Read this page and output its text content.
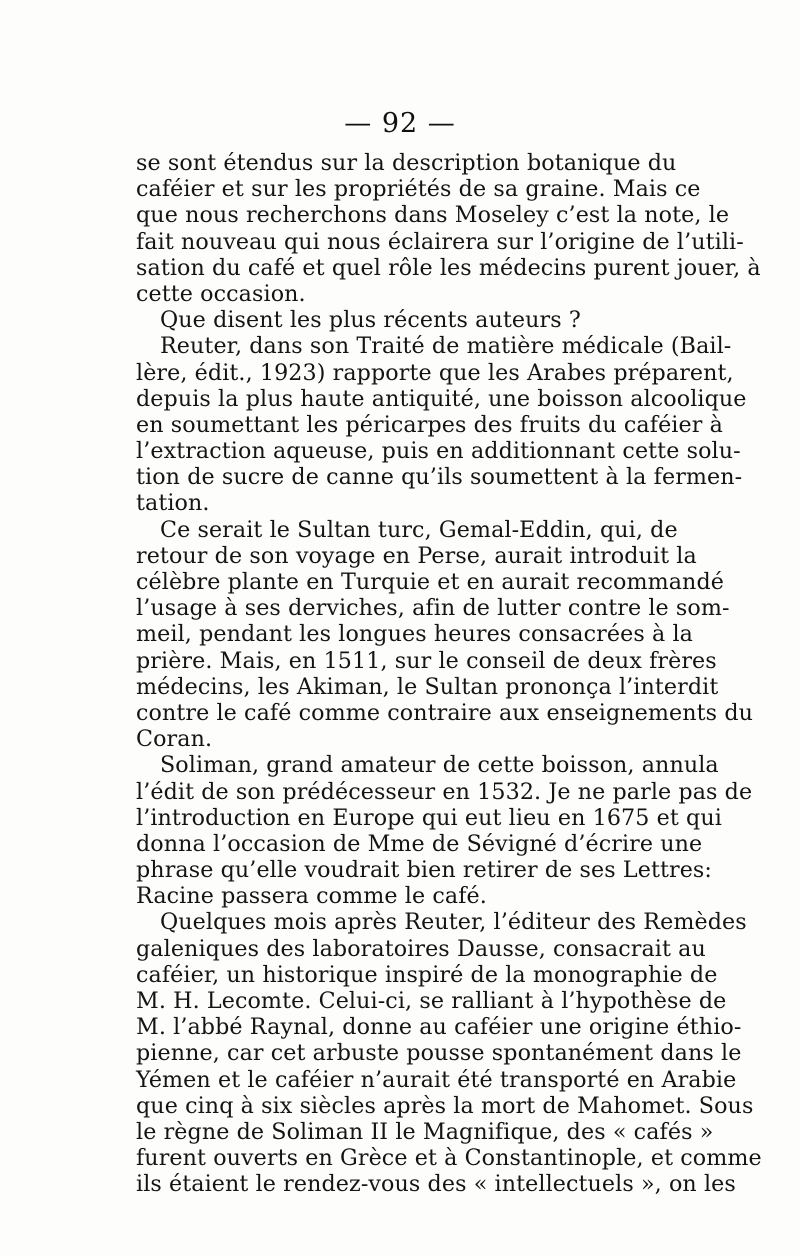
— 92 —
se sont étendus sur la description botanique du
caféier et sur les propriétés de sa graine. Mais ce
que nous recherchons dans Moseley c’est la note, le
fait nouveau qui nous éclairera sur l’origine de l’utili-
sation du café et quel rôle les médecins purent jouer, à
cette occasion.
Que disent les plus récents auteurs ?
Reuter, dans son Traité de matière médicale (Bail-
lère, édit., 1923) rapporte que les Arabes préparent,
depuis la plus haute antiquité, une boisson alcoolique
en soumettant les péricarpes des fruits du caféier à
l’extraction aqueuse, puis en additionnant cette solu-
tion de sucre de canne qu’ils soumettent à la fermen-
tation.
Ce serait le Sultan turc, Gemal-Eddin, qui, de
retour de son voyage en Perse, aurait introduit la
célèbre plante en Turquie et en aurait recommandé
l’usage à ses derviches, afin de lutter contre le som-
meil, pendant les longues heures consacrées à la
prière. Mais, en 1511, sur le conseil de deux frères
médecins, les Akiman, le Sultan prononça l’interdit
contre le café comme contraire aux enseignements du
Coran.
Soliman, grand amateur de cette boisson, annula
l’édit de son prédécesseur en 1532. Je ne parle pas de
l’introduction en Europe qui eut lieu en 1675 et qui
donna l’occasion de Mme de Sévigné d’écrire une
phrase qu’elle voudrait bien retirer de ses Lettres:
Racine passera comme le café.
Quelques mois après Reuter, l’éditeur des Remèdes
galeniques des laboratoires Dausse, consacrait au
caféier, un historique inspiré de la monographie de
M. H. Lecomte. Celui-ci, se ralliant à l’hypothèse de
M. l’abbé Raynal, donne au caféier une origine éthio-
pienne, car cet arbuste pousse spontanément dans le
Yémen et le caféier n’aurait été transporté en Arabie
que cinq à six siècles après la mort de Mahomet. Sous
le règne de Soliman II le Magnifique, des « cafés »
furent ouverts en Grèce et à Constantinople, et comme
ils étaient le rendez-vous des « intellectuels », on les
